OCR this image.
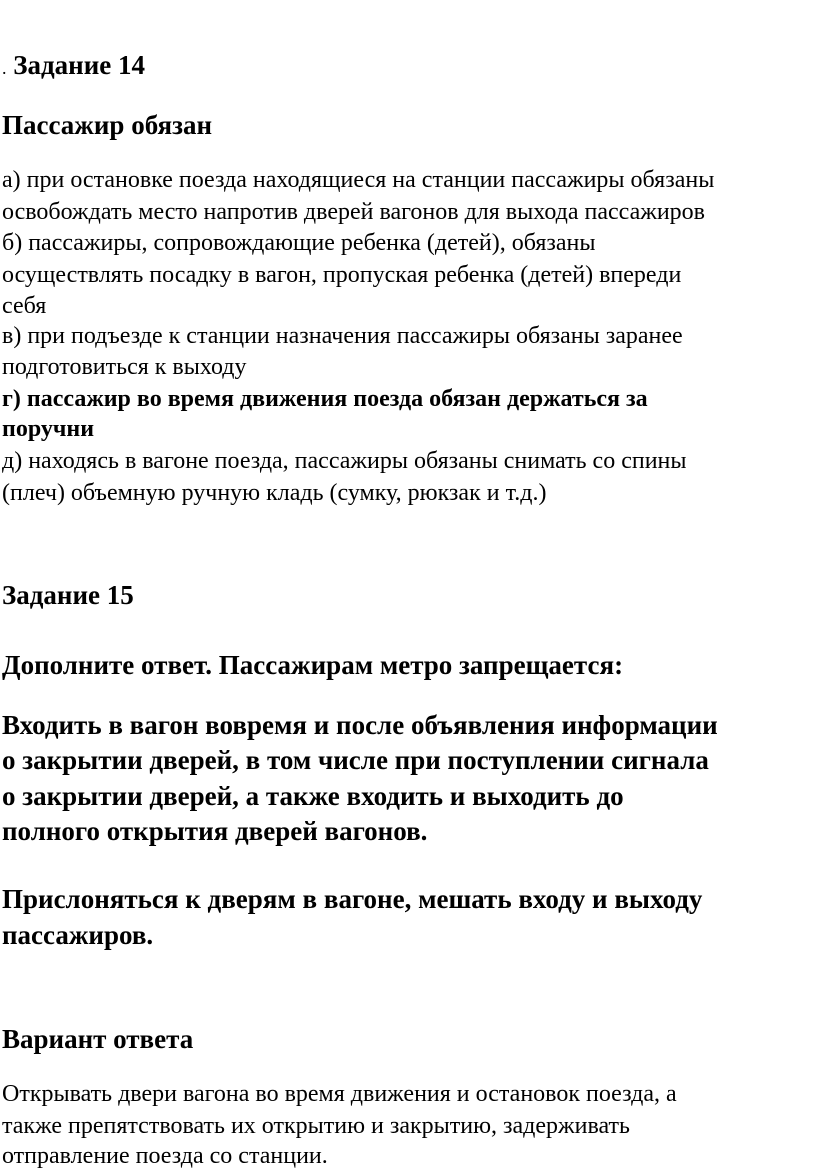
. Задание 14
Пассажир обязан
а) при остановке поезда находящиеся на станции пассажиры обязаны
освобождать место напротив дверей вагонов для выхода пассажиров
б) пассажиры, сопровождающие ребенка (детей), обязаны
осуществлять посадку в вагон, пропуская ребенка (детей) впереди
себя
в) при подъезде к станции назначения пассажиры обязаны заранее
подготовиться к выходу
г) пассажир во время движения поезда обязан держаться за
поручни
д) находясь в вагоне поезда, пассажиры обязаны снимать со спины
(плеч) объемную ручную кладь (сумку, рюкзак и т.д.)
Задание 15
Дополните ответ. Пассажирам метро запрещается:
Входить в вагон вовремя и после объявления информации
о закрытии дверей, в том числе при поступлении сигнала
о закрытии дверей, а также входить и выходить до
полного открытия дверей вагонов.
Прислоняться к дверям в вагоне, мешать входу и выходу
пассажиров.
Вариант ответа
Открывать двери вагона во время движения и остановок поезда, а
также препятствовать их открытию и закрытию, задерживать
отправление поезда со станции.
